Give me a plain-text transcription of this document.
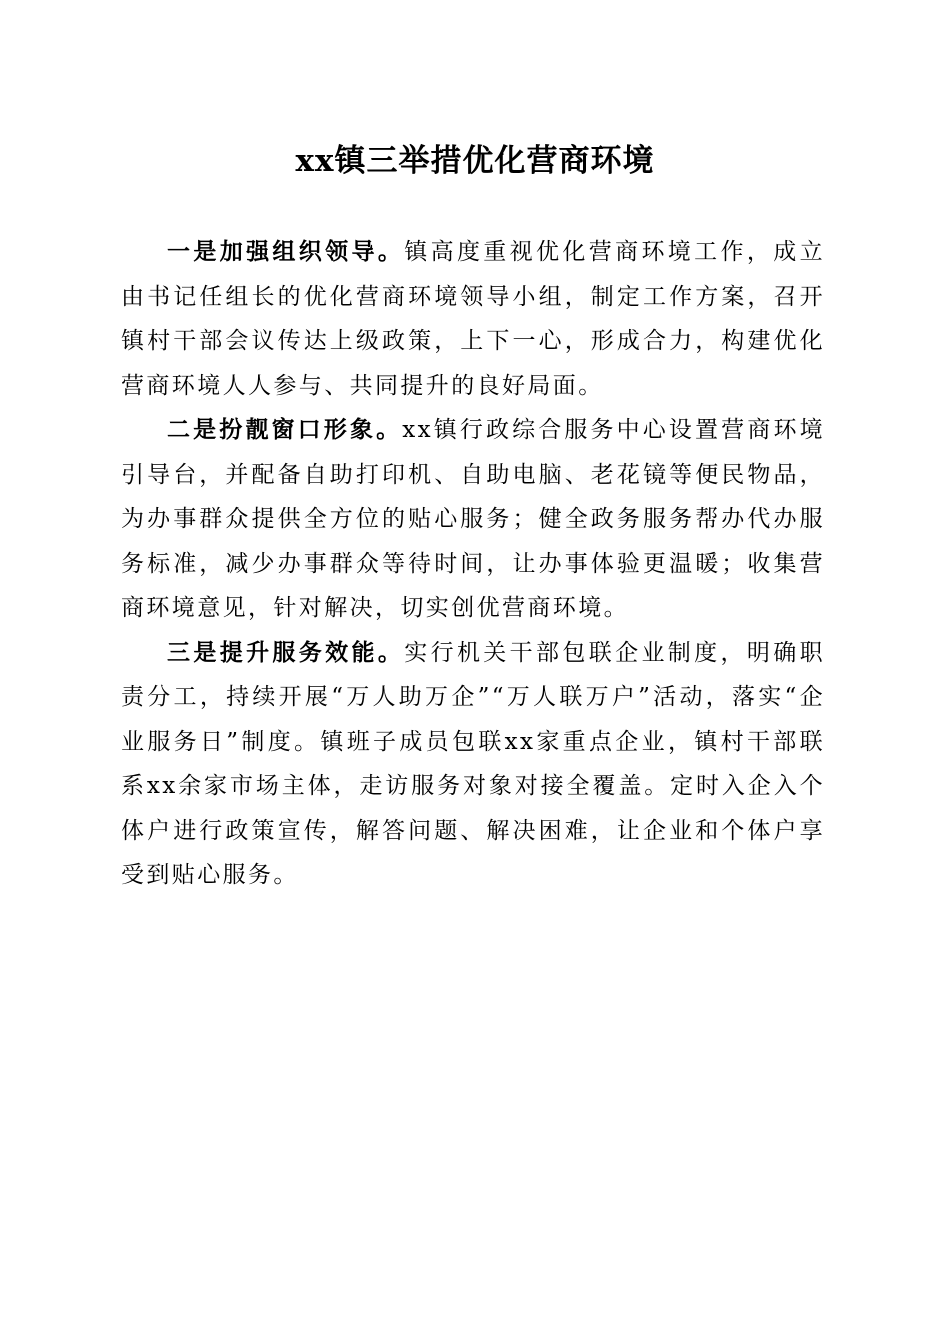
xx镇三举措优化营商环境

一是加强组织领导。镇高度重视优化营商环境工作，成立由书记任组长的优化营商环境领导小组，制定工作方案，召开镇村干部会议传达上级政策，上下一心，形成合力，构建优化营商环境人人参与、共同提升的良好局面。

二是扮靓窗口形象。xx镇行政综合服务中心设置营商环境引导台，并配备自助打印机、自助电脑、老花镜等便民物品，为办事群众提供全方位的贴心服务；健全政务服务帮办代办服务标准，减少办事群众等待时间，让办事体验更温暖；收集营商环境意见，针对解决，切实创优营商环境。

三是提升服务效能。实行机关干部包联企业制度，明确职责分工，持续开展“万人助万企”“万人联万户”活动，落实“企业服务日”制度。镇班子成员包联xx家重点企业，镇村干部联系xx余家市场主体，走访服务对象对接全覆盖。定时入企入个体户进行政策宣传，解答问题、解决困难，让企业和个体户享受到贴心服务。
